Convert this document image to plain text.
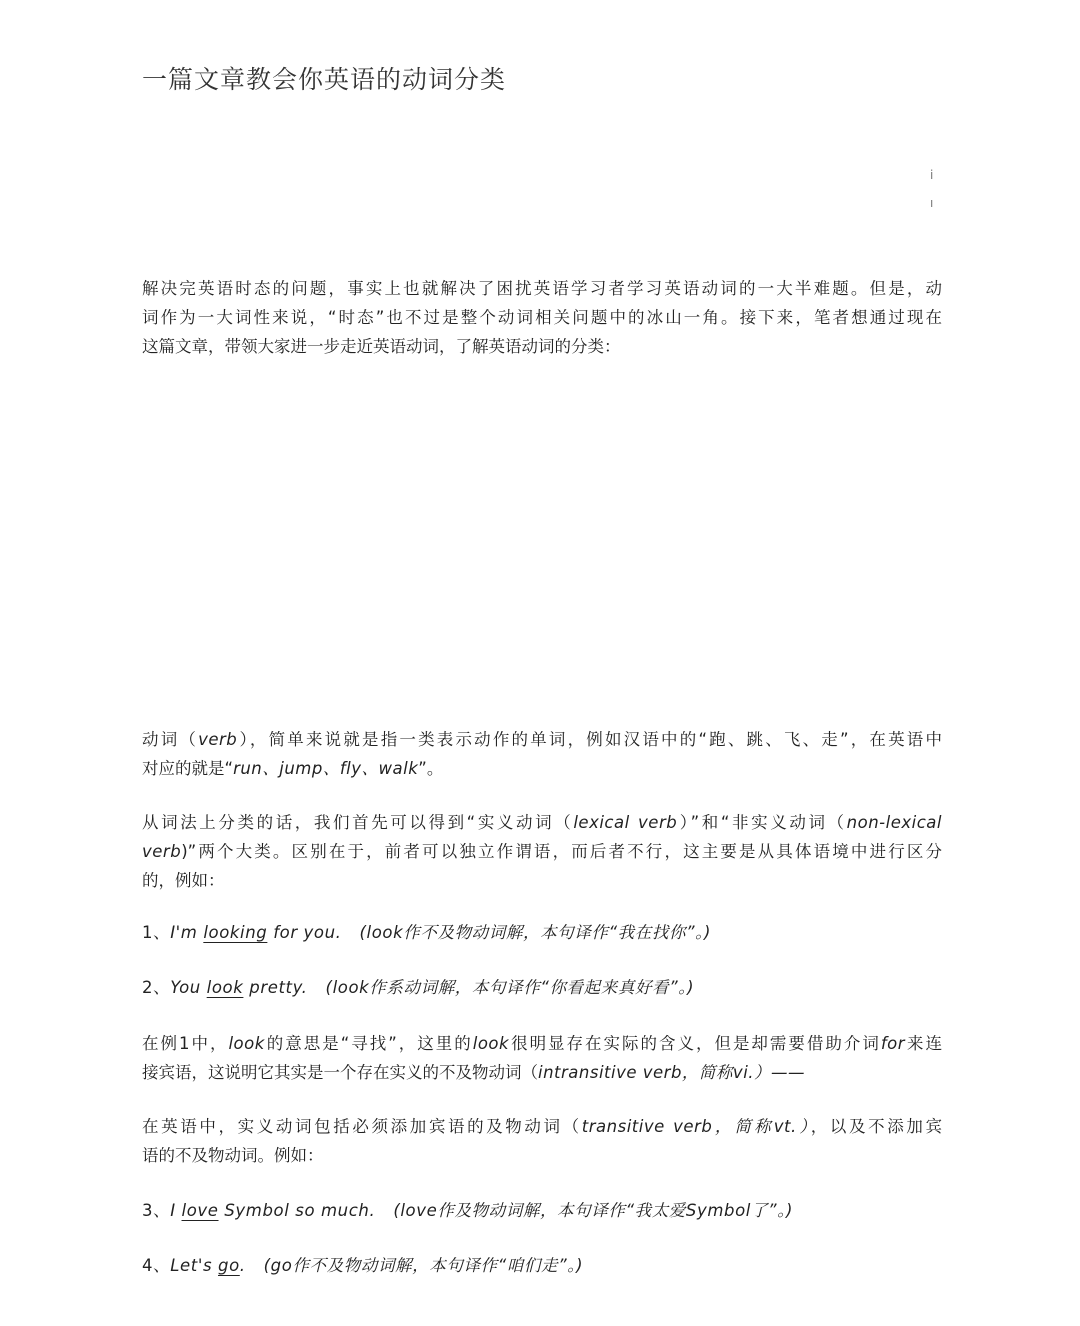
一篇文章教会你英语的动词分类
i
ı
解决完英语时态的问题，事实上也就解决了困扰英语学习者学习英语动词的一大半难题。但是，动
词作为一大词性来说，“时态”也不过是整个动词相关问题中的冰山一角。接下来，笔者想通过现在
这篇文章，带领大家进一步走近英语动词，了解英语动词的分类：
动词（verb），简单来说就是指一类表示动作的单词，例如汉语中的“跑、跳、飞、走”，在英语中
对应的就是“run、jump、fly、walk”。
从词法上分类的话，我们首先可以得到“实义动词（lexical verb）”和“非实义动词（non-lexical
verb)”两个大类。区别在于，前者可以独立作谓语，而后者不行，这主要是从具体语境中进行区分
的，例如：
1、I'm looking for you. (look作不及物动词解，本句译作“我在找你”。)
2、You look pretty. (look作系动词解，本句译作“你看起来真好看”。)
在例1中，look的意思是“寻找”，这里的look很明显存在实际的含义，但是却需要借助介词for来连
接宾语，这说明它其实是一个存在实义的不及物动词（intransitive verb，简称vi.）——
在英语中，实义动词包括必须添加宾语的及物动词（transitive verb，简称vt.），以及不添加宾
语的不及物动词。例如：
3、I love Symbol so much. (love作及物动词解，本句译作“我太爱Symbol了”。)
4、Let's go. (go作不及物动词解，本句译作“咱们走”。)
